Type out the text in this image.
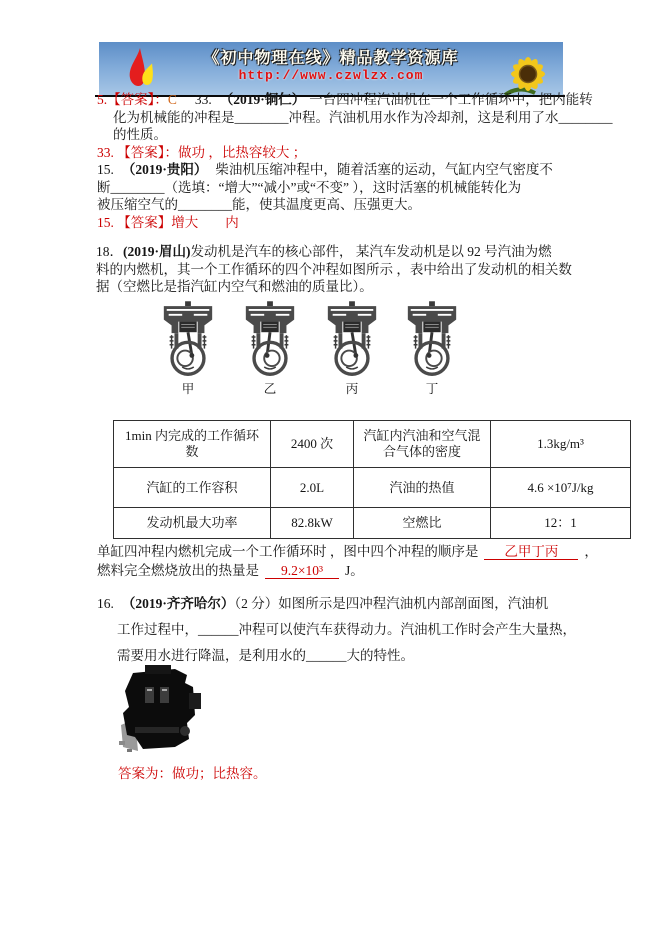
《初中物理在线》精品教学资源库
http://www.czwlzx.com
5.【答案】：C 33. （2019·铜仁） 一台四冲程汽油机在一个工作循环中，把内能转
化为机械能的冲程是________冲程。汽油机用水作为冷却剂，这是利用了水________
的性质。
33. 【答案】：做功 ，比热容较大 ；
15. （2019·贵阳） 柴油机压缩冲程中，随着活塞的运动，气缸内空气密度不
断________（选填：“增大”“减小”或“不变” ），这时活塞的机械能转化为
被压缩空气的________能，使其温度更高、压强更大。
15. 【答案】增大　　内
18．(2019·眉山)发动机是汽车的核心部件， 某汽车发动机是以 92 号汽油为燃
料的内燃机，其一个工作循环的四个冲程如图所示 ，表中给出了发动机的相关数
据（空燃比是指汽缸内空气和燃油的质量比）。
甲	乙	丙	丁
1min 内完成的工作循环数	2400 次	汽缸内汽油和空气混合气体的密度	1.3kg/m³
汽缸的工作容积	2.0L	汽油的热值	4.6 ×10⁷J/kg
发动机最大功率	82.8kW	空燃比	12：1
单缸四冲程内燃机完成一个工作循环时 ，图中四个冲程的顺序是 乙甲丁丙 ，
燃料完全燃烧放出的热量是 9.2×10³ J。
16. （2019·齐齐哈尔）（2 分）如图所示是四冲程汽油机内部剖面图，汽油机
工作过程中，______冲程可以使汽车获得动力。汽油机工作时会产生大量热，
需要用水进行降温，是利用水的______大的特性。
答案为：做功；比热容。
